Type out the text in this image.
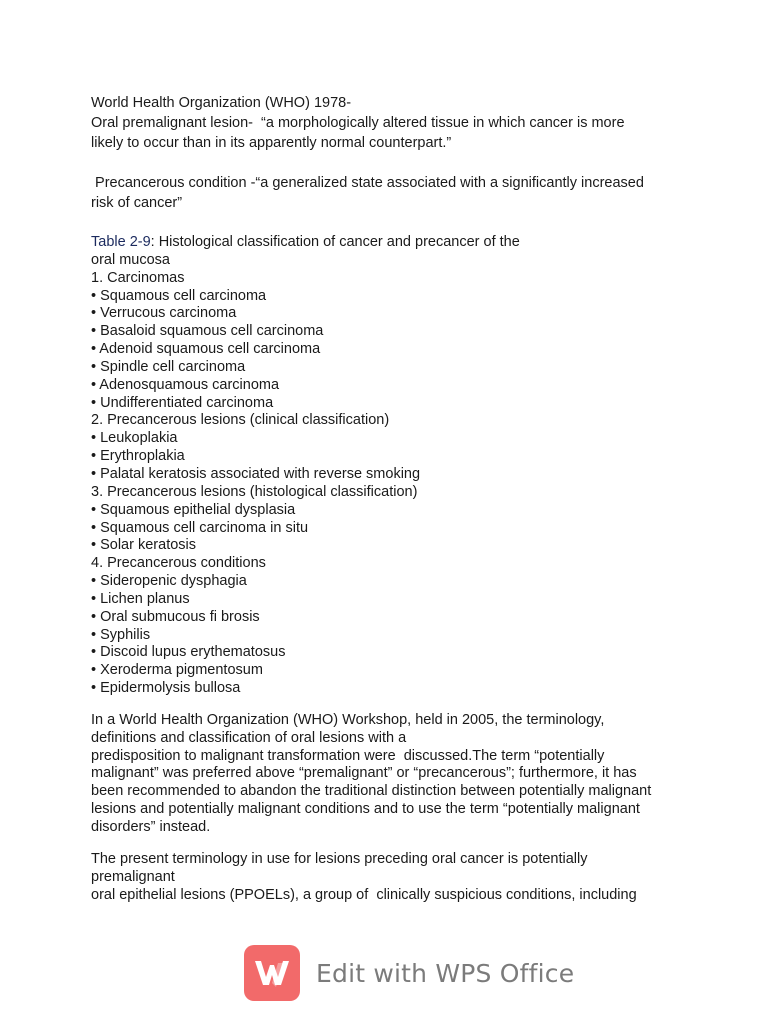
World Health Organization (WHO) 1978-
Oral premalignant lesion-  “a morphologically altered tissue in which cancer is more
likely to occur than in its apparently normal counterpart.”
Precancerous condition -“a generalized state associated with a significantly increased
risk of cancer”
Table 2-9: Histological classification of cancer and precancer of the
oral mucosa
1. Carcinomas
• Squamous cell carcinoma
• Verrucous carcinoma
• Basaloid squamous cell carcinoma
• Adenoid squamous cell carcinoma
• Spindle cell carcinoma
• Adenosquamous carcinoma
• Undifferentiated carcinoma
2. Precancerous lesions (clinical classification)
• Leukoplakia
• Erythroplakia
• Palatal keratosis associated with reverse smoking
3. Precancerous lesions (histological classification)
• Squamous epithelial dysplasia
• Squamous cell carcinoma in situ
• Solar keratosis
4. Precancerous conditions
• Sideropenic dysphagia
• Lichen planus
• Oral submucous fi brosis
• Syphilis
• Discoid lupus erythematosus
• Xeroderma pigmentosum
• Epidermolysis bullosa
In a World Health Organization (WHO) Workshop, held in 2005, the terminology,
definitions and classification of oral lesions with a
predisposition to malignant transformation were  discussed.The term “potentially
malignant” was preferred above “premalignant” or “precancerous”; furthermore, it has
been recommended to abandon the traditional distinction between potentially malignant
lesions and potentially malignant conditions and to use the term “potentially malignant
disorders” instead.
The present terminology in use for lesions preceding oral cancer is potentially
premalignant
oral epithelial lesions (PPOELs), a group of  clinically suspicious conditions, including
Edit with WPS Office
